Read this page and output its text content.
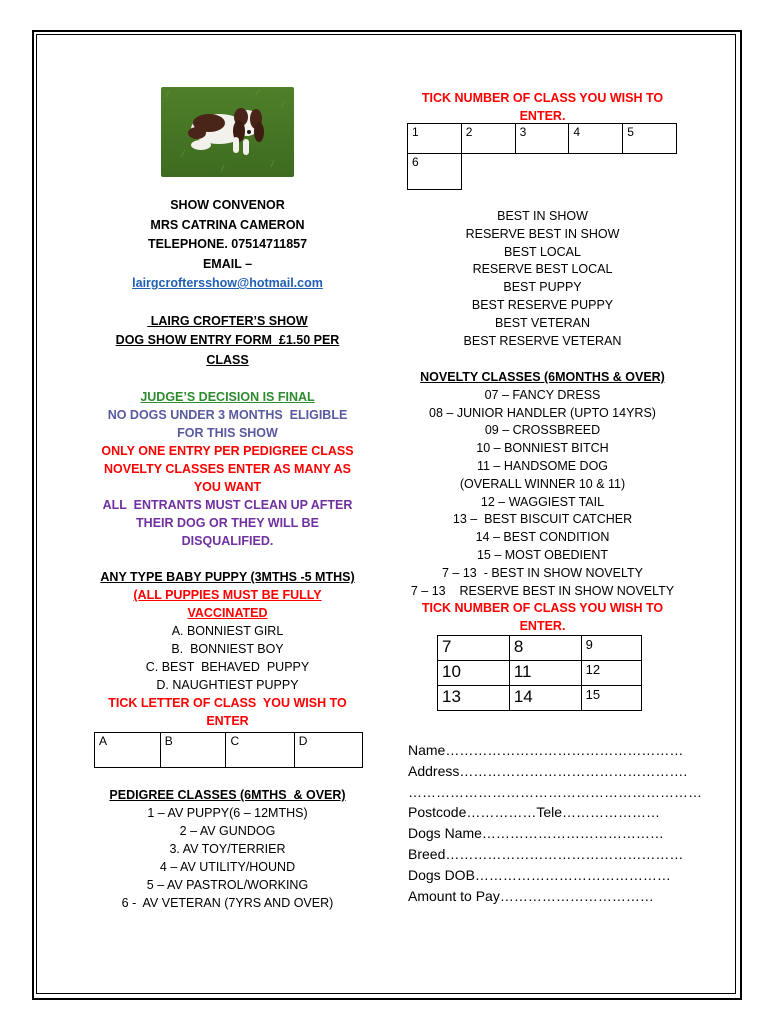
SHOW CONVENOR
MRS CATRINA CAMERON
TELEPHONE. 07514711857
EMAIL –
lairgcroftersshow@hotmail.com
LAIRG CROFTER’S SHOW
DOG SHOW ENTRY FORM  £1.50 PER
CLASS
JUDGE’S DECISION IS FINAL
NO DOGS UNDER 3 MONTHS  ELIGIBLE
FOR THIS SHOW
ONLY ONE ENTRY PER PEDIGREE CLASS
NOVELTY CLASSES ENTER AS MANY AS
YOU WANT
ALL  ENTRANTS MUST CLEAN UP AFTER
THEIR DOG OR THEY WILL BE
DISQUALIFIED.
ANY TYPE BABY PUPPY (3MTHS -5 MTHS)
(ALL PUPPIES MUST BE FULLY
VACCINATED
A. BONNIEST GIRL
B.  BONNIEST BOY
C. BEST  BEHAVED  PUPPY
D. NAUGHTIEST PUPPY
TICK LETTER OF CLASS  YOU WISH TO
ENTER
A	B	C	D
PEDIGREE CLASSES (6MTHS  & OVER)
1 – AV PUPPY(6 – 12MTHS)
2 – AV GUNDOG
3. AV TOY/TERRIER
4 – AV UTILITY/HOUND
5 – AV PASTROL/WORKING
6 -  AV VETERAN (7YRS AND OVER)
TICK NUMBER OF CLASS YOU WISH TO
ENTER.
1	2	3	4	5
6				
BEST IN SHOW
RESERVE BEST IN SHOW
BEST LOCAL
RESERVE BEST LOCAL
BEST PUPPY
BEST RESERVE PUPPY
BEST VETERAN
BEST RESERVE VETERAN
NOVELTY CLASSES (6MONTHS & OVER)
07 – FANCY DRESS
08 – JUNIOR HANDLER (UPTO 14YRS)
09 – CROSSBREED
10 – BONNIEST BITCH
11 – HANDSOME DOG
(OVERALL WINNER 10 & 11)
12 – WAGGIEST TAIL
13 –  BEST BISCUIT CATCHER
14 – BEST CONDITION
15 – MOST OBEDIENT
7 – 13  - BEST IN SHOW NOVELTY
7 – 13    RESERVE BEST IN SHOW NOVELTY
TICK NUMBER OF CLASS YOU WISH TO
ENTER.
7	8	9
10	11	12
13	14	15
Name……………………………………………
Address………………………………………….
………………………………………………………
Postcode……………Tele…………………
Dogs Name…………………………………
Breed……………………………………………
Dogs DOB……………………………………
Amount to Pay……………………………
